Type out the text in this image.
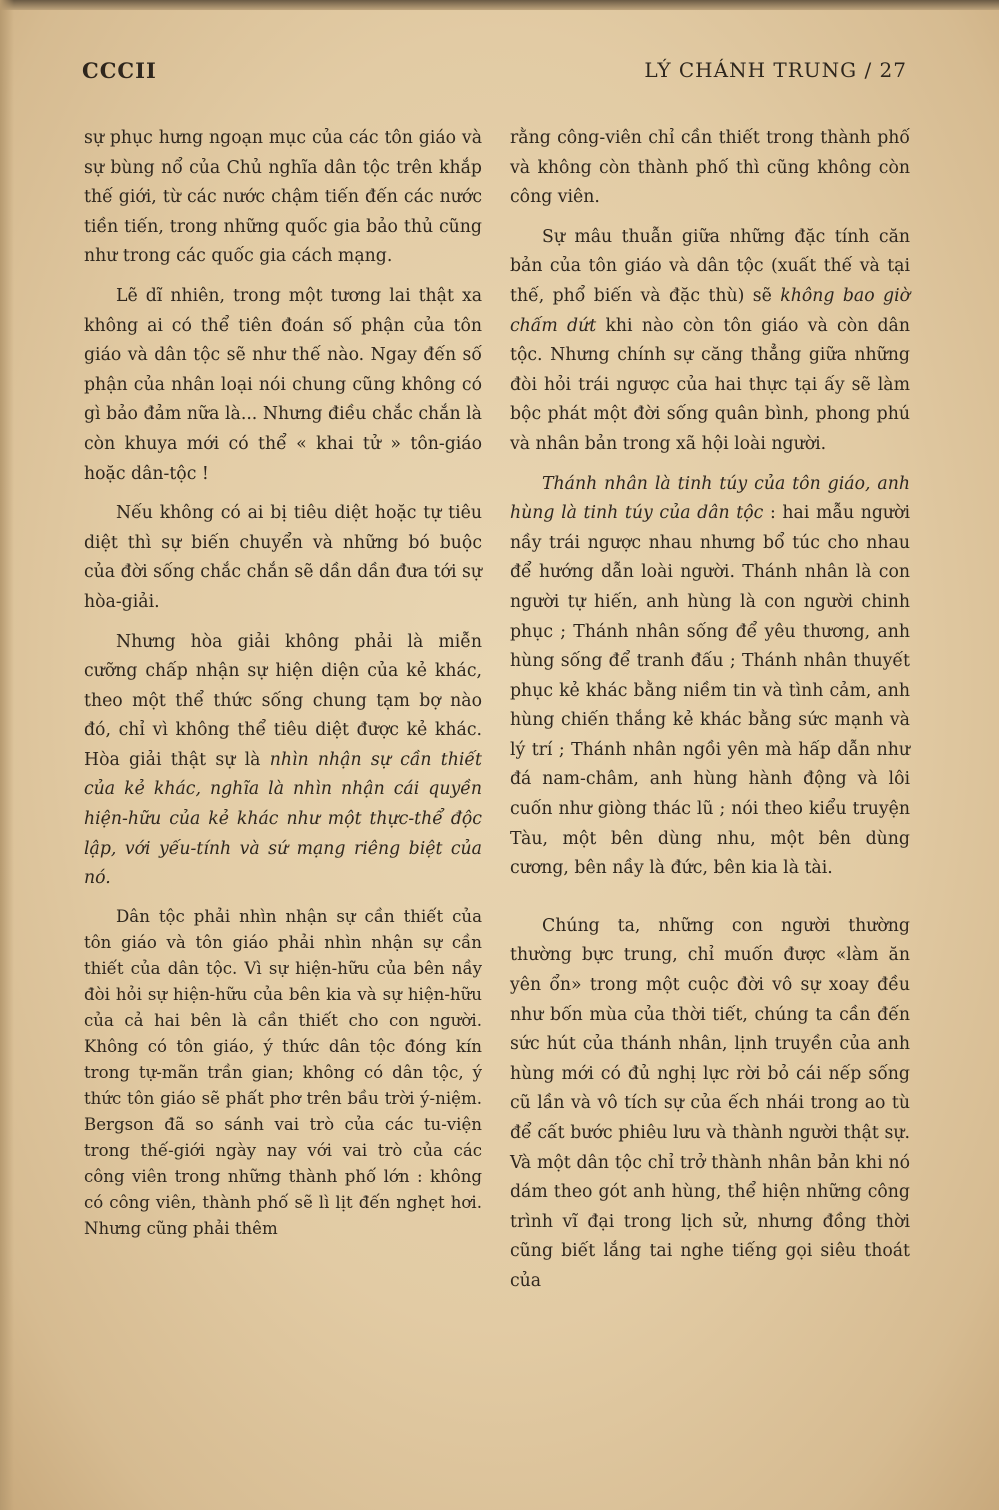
CCCII	LÝ CHÁNH TRUNG / 27

sự phục hưng ngoạn mục của các tôn giáo và sự bùng nổ của Chủ nghĩa dân tộc trên khắp thế giới, từ các nước chậm tiến đến các nước tiền tiến, trong những quốc gia bảo thủ cũng như trong các quốc gia cách mạng.

Lẽ dĩ nhiên, trong một tương lai thật xa không ai có thể tiên đoán số phận của tôn giáo và dân tộc sẽ như thế nào. Ngay đến số phận của nhân loại nói chung cũng không có gì bảo đảm nữa là... Nhưng điều chắc chắn là còn khuya mới có thể « khai tử » tôn-giáo hoặc dân-tộc !

Nếu không có ai bị tiêu diệt hoặc tự tiêu diệt thì sự biến chuyển và những bó buộc của đời sống chắc chắn sẽ dần dần đưa tới sự hòa-giải.

Nhưng hòa giải không phải là miễn cưỡng chấp nhận sự hiện diện của kẻ khác, theo một thể thức sống chung tạm bợ nào đó, chỉ vì không thể tiêu diệt được kẻ khác. Hòa giải thật sự là nhìn nhận sự cần thiết của kẻ khác, nghĩa là nhìn nhận cái quyền hiện-hữu của kẻ khác như một thực-thể độc lập, với yếu-tính và sứ mạng riêng biệt của nó.

Dân tộc phải nhìn nhận sự cần thiết của tôn giáo và tôn giáo phải nhìn nhận sự cần thiết của dân tộc. Vì sự hiện-hữu của bên nầy đòi hỏi sự hiện-hữu của bên kia và sự hiện-hữu của cả hai bên là cần thiết cho con người. Không có tôn giáo, ý thức dân tộc đóng kín trong tự-mãn trần gian; không có dân tộc, ý thức tôn giáo sẽ phất phơ trên bầu trời ý-niệm. Bergson đã so sánh vai trò của các tu-viện trong thế-giới ngày nay với vai trò của các công viên trong những thành phố lớn : không có công viên, thành phố sẽ lì lịt đến nghẹt hơi. Nhưng cũng phải thêm

rằng công-viên chỉ cần thiết trong thành phố và không còn thành phố thì cũng không còn công viên.

Sự mâu thuẫn giữa những đặc tính căn bản của tôn giáo và dân tộc (xuất thế và tại thế, phổ biến và đặc thù) sẽ không bao giờ chấm dứt khi nào còn tôn giáo và còn dân tộc. Nhưng chính sự căng thẳng giữa những đòi hỏi trái ngược của hai thực tại ấy sẽ làm bộc phát một đời sống quân bình, phong phú và nhân bản trong xã hội loài người.

Thánh nhân là tinh túy của tôn giáo, anh hùng là tinh túy của dân tộc : hai mẫu người nầy trái ngược nhau nhưng bổ túc cho nhau để hướng dẫn loài người. Thánh nhân là con người tự hiến, anh hùng là con người chinh phục ; Thánh nhân sống để yêu thương, anh hùng sống để tranh đấu ; Thánh nhân thuyết phục kẻ khác bằng niềm tin và tình cảm, anh hùng chiến thắng kẻ khác bằng sức mạnh và lý trí ; Thánh nhân ngồi yên mà hấp dẫn như đá nam-châm, anh hùng hành động và lôi cuốn như giòng thác lũ ; nói theo kiểu truyện Tàu, một bên dùng nhu, một bên dùng cương, bên nầy là đức, bên kia là tài.

Chúng ta, những con người thường thường bực trung, chỉ muốn được «làm ăn yên ổn» trong một cuộc đời vô sự xoay đều như bốn mùa của thời tiết, chúng ta cần đến sức hút của thánh nhân, lịnh truyền của anh hùng mới có đủ nghị lực rời bỏ cái nếp sống cũ lần và vô tích sự của ếch nhái trong ao tù để cất bước phiêu lưu và thành người thật sự. Và một dân tộc chỉ trở thành nhân bản khi nó dám theo gót anh hùng, thể hiện những công trình vĩ đại trong lịch sử, nhưng đồng thời cũng biết lắng tai nghe tiếng gọi siêu thoát của
